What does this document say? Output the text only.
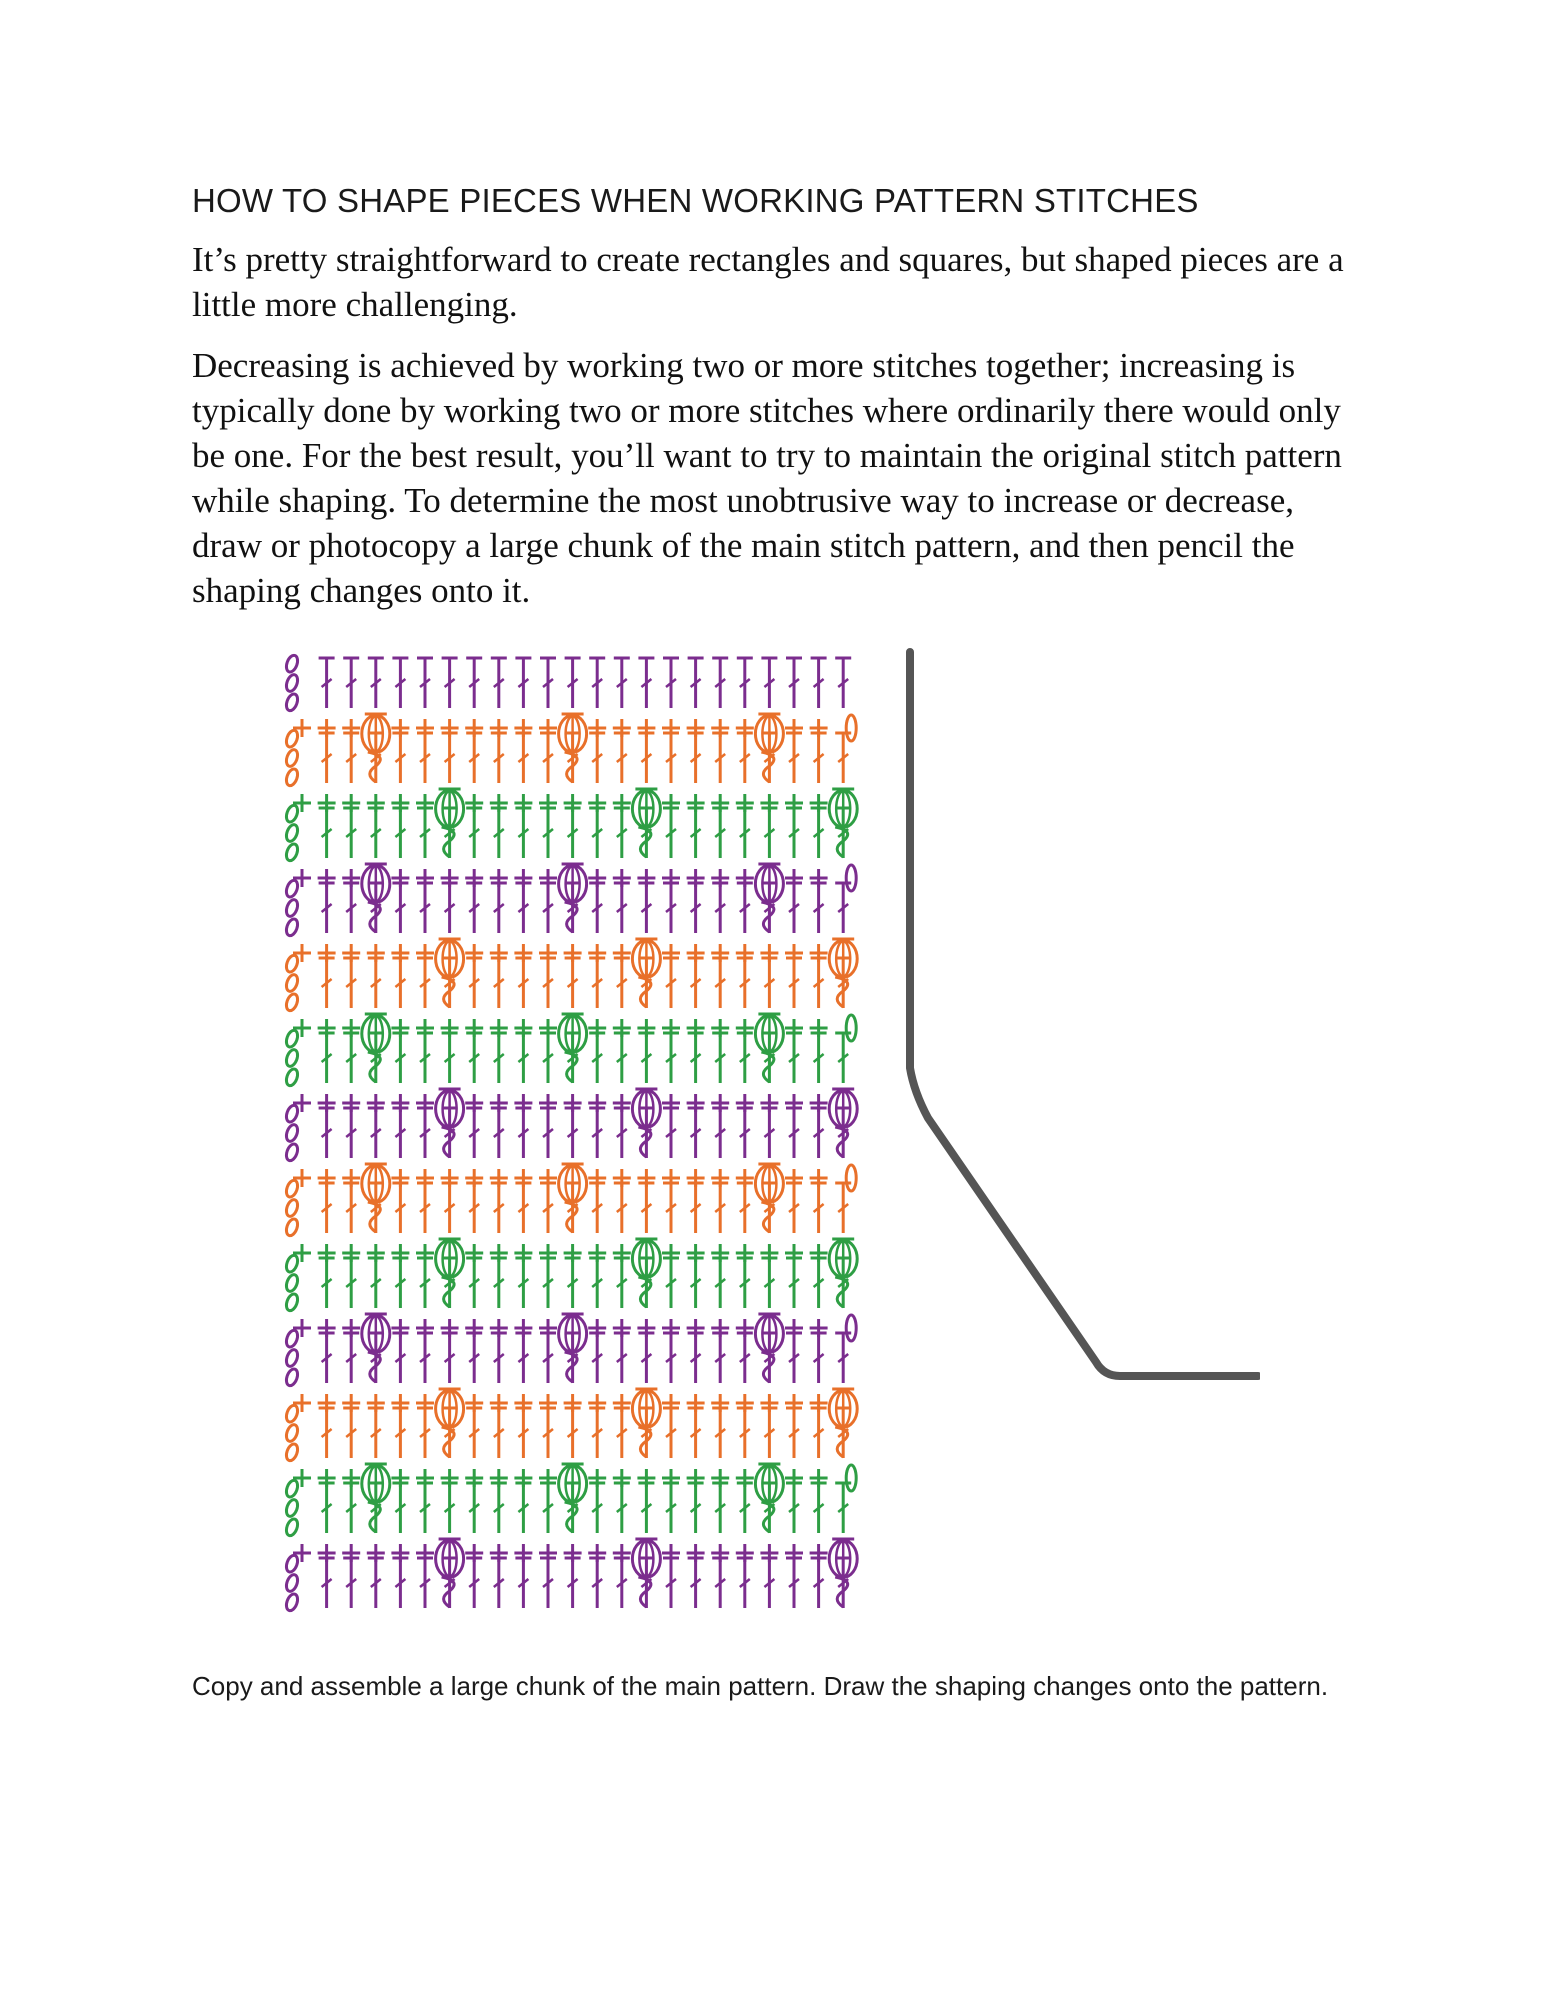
HOW TO SHAPE PIECES WHEN WORKING PATTERN STITCHES

It’s pretty straightforward to create rectangles and squares, but shaped pieces are a little more challenging.

Decreasing is achieved by working two or more stitches together; increasing is typically done by working two or more stitches where ordinarily there would only be one. For the best result, you’ll want to try to maintain the original stitch pattern while shaping. To determine the most unobtrusive way to increase or decrease, draw or photocopy a large chunk of the main stitch pattern, and then pencil the shaping changes onto it.

Copy and assemble a large chunk of the main pattern. Draw the shaping changes onto the pattern.
